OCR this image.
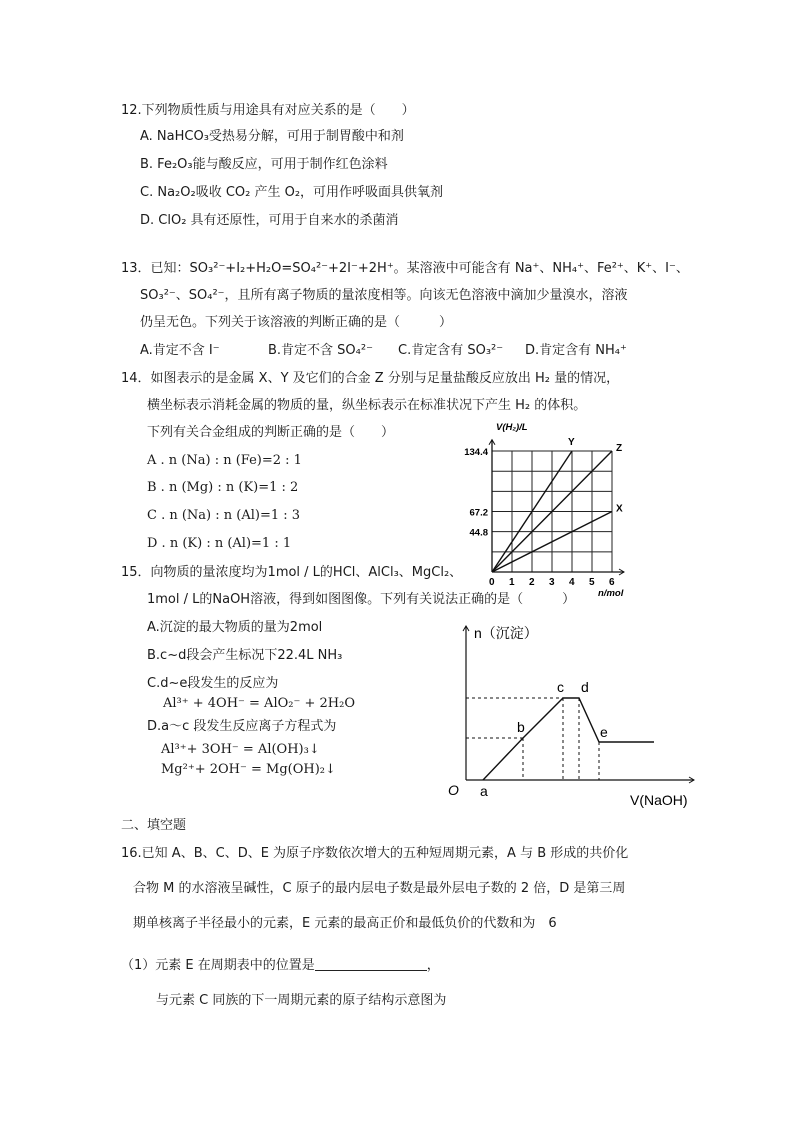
12.下列物质性质与用途具有对应关系的是（　　）
A. NaHCO₃受热易分解，可用于制胃酸中和剂
B. Fe₂O₃能与酸反应，可用于制作红色涂料
C. Na₂O₂吸收 CO₂ 产生 O₂，可用作呼吸面具供氧剂
D. ClO₂ 具有还原性，可用于自来水的杀菌消
13．已知：SO₃²⁻+I₂+H₂O=SO₄²⁻+2I⁻+2H⁺。某溶液中可能含有 Na⁺、NH₄⁺、Fe²⁺、K⁺、I⁻、
SO₃²⁻、SO₄²⁻，且所有离子物质的量浓度相等。向该无色溶液中滴加少量溴水，溶液
仍呈无色。下列关于该溶液的判断正确的是（　　　）
A.肯定不含 I⁻	B.肯定不含 SO₄²⁻ C.肯定含有 SO₃²⁻ D.肯定含有 NH₄⁺
14．如图表示的是金属 X、Y 及它们的合金 Z 分别与足量盐酸反应放出 H₂ 量的情况，
横坐标表示消耗金属的物质的量，纵坐标表示在标准状况下产生 H₂ 的体积。
下列有关合金组成的判断正确的是（　　）
A . n (Na) : n (Fe)=2 : 1
B . n (Mg) : n (K)=1 : 2
C . n (Na) : n (Al)=1 : 3
D . n (K) : n (Al)=1 : 1
Y
Z
X
0 1 2 3 4 5 6
44.8
67.2
134.4
V(H₂)/L
n/mol
15．向物质的量浓度均为1mol / L的HCl、AlCl₃、MgCl₂、
1mol / L的NaOH溶液，得到如图图像。下列有关说法正确的是（　　　）
A.沉淀的最大物质的量为2mol
B.c~d段会产生标况下22.4L NH₃
C.d~e段发生的反应为
Al³⁺ + 4OH⁻ = AlO₂⁻ + 2H₂O
D.a～c 段发生反应离子方程式为
Al³⁺+ 3OH⁻ = Al(OH)₃↓
Mg²⁺+ 2OH⁻ = Mg(OH)₂↓
a
b
c d
e
O
n（沉淀）
V(NaOH)
二、填空题
16.已知 A、B、C、D、E 为原子序数依次增大的五种短周期元素，A 与 B 形成的共价化
合物 M 的水溶液呈碱性，C 原子的最内层电子数是最外层电子数的 2 倍，D 是第三周
期单核离子半径最小的元素，E 元素的最高正价和最低负价的代数和为　6
（1）元素 E 在周期表中的位置是	，
与元素 C 同族的下一周期元素的原子结构示意图为
